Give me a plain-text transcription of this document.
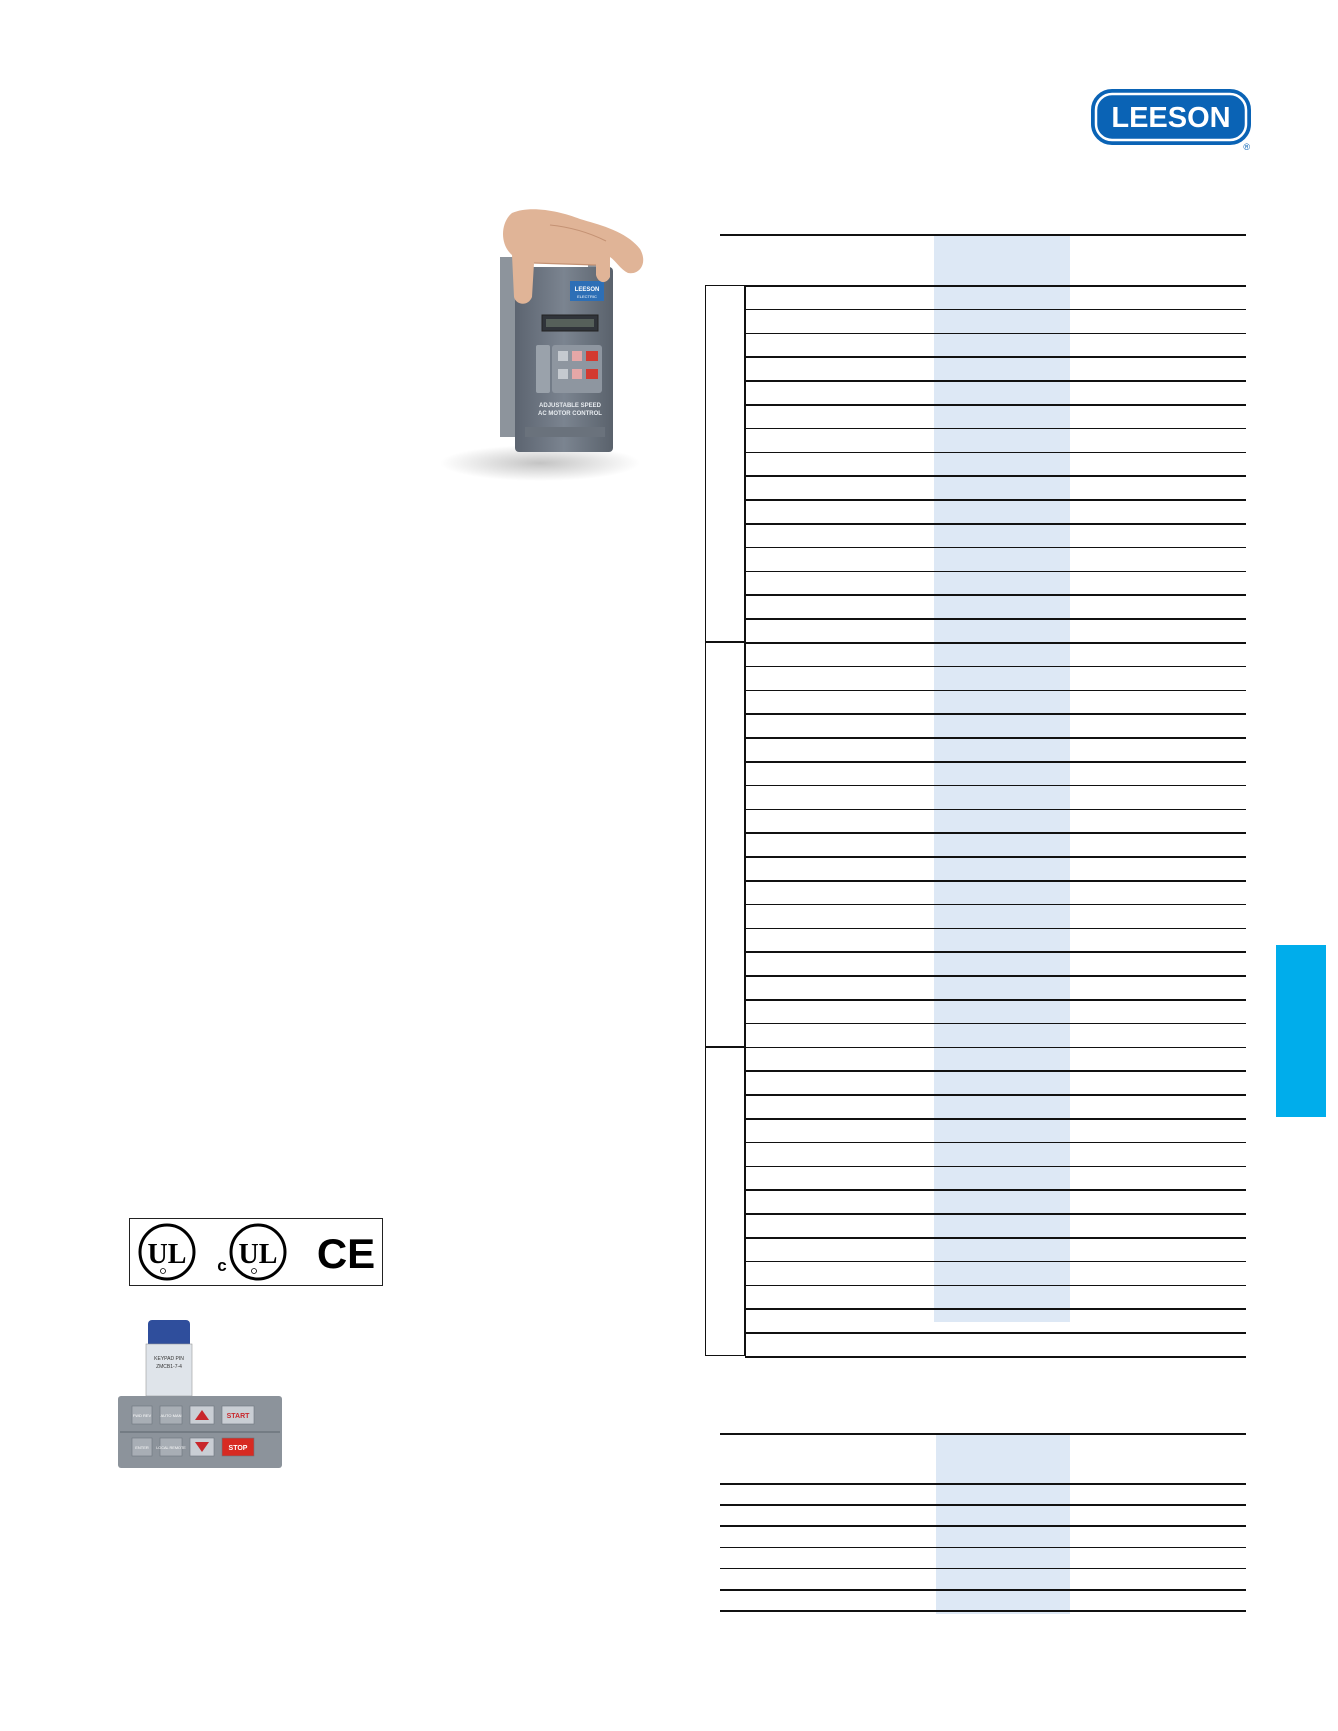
LEESON
®
LEESON
ELECTRIC
ADJUSTABLE SPEED
AC MOTOR CONTROL
UL c UL CE
KEYPAD PIN
ZMCB1-7-4
FWD REV AUTO MAN	START
ENTER LOCAL REMOTE	STOP
